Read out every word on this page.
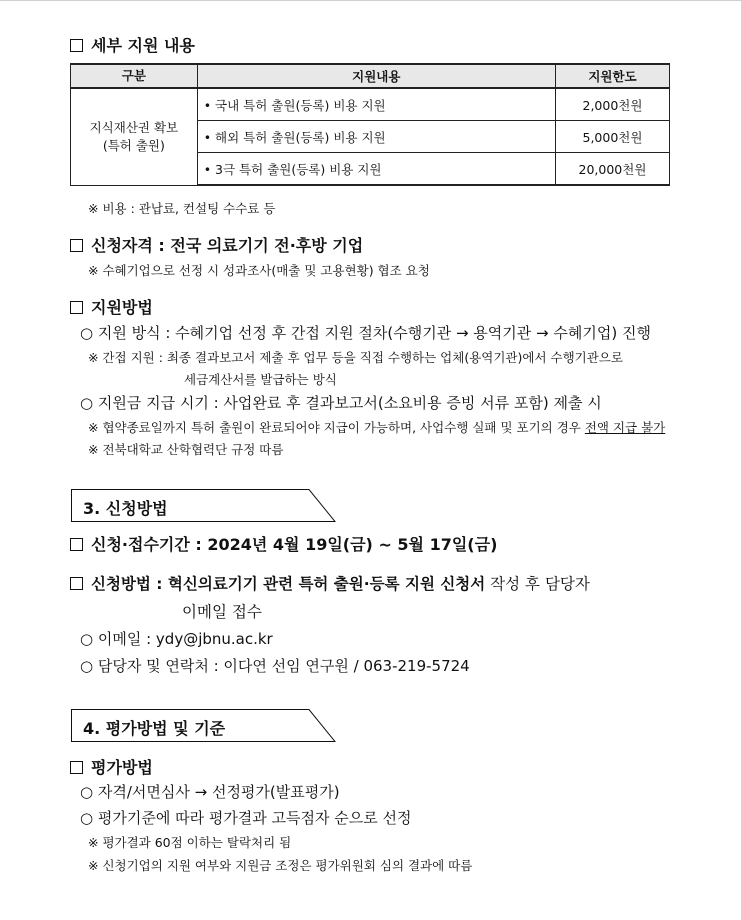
세부 지원 내용
구분	지원내용	지원한도

지식재산권 확보
(특허 출원)	• 국내 특허 출원(등록) 비용 지원	2,000천원
	• 해외 특허 출원(등록) 비용 지원	5,000천원
	• 3극 특허 출원(등록) 비용 지원	20,000천원
※ 비용 : 관납료, 컨설팅 수수료 등
신청자격 : 전국 의료기기 전·후방 기업
※ 수혜기업으로 선정 시 성과조사(매출 및 고용현황) 협조 요청
지원방법
○ 지원 방식 : 수혜기업 선정 후 간접 지원 절차(수행기관 → 용역기관 → 수혜기업) 진행
※ 간접 지원 : 최종 결과보고서 제출 후 업무 등을 직접 수행하는 업체(용역기관)에서 수행기관으로
세금계산서를 발급하는 방식
○ 지원금 지급 시기 : 사업완료 후 결과보고서(소요비용 증빙 서류 포함) 제출 시
※ 협약종료일까지 특허 출원이 완료되어야 지급이 가능하며, 사업수행 실패 및 포기의 경우 전액 지급 불가
※ 전북대학교 산학협력단 규정 따름
3. 신청방법
신청·접수기간 : 2024년 4월 19일(금) ~ 5월 17일(금)
신청방법 : 혁신의료기기 관련 특허 출원·등록 지원 신청서 작성 후 담당자
이메일 접수
○ 이메일 : ydy@jbnu.ac.kr
○ 담당자 및 연락처 : 이다연 선임 연구원 / 063-219-5724
4. 평가방법 및 기준
평가방법
○ 자격/서면심사 → 선정평가(발표평가)
○ 평가기준에 따라 평가결과 고득점자 순으로 선정
※ 평가결과 60점 이하는 탈락처리 됨
※ 신청기업의 지원 여부와 지원금 조정은 평가위원회 심의 결과에 따름
